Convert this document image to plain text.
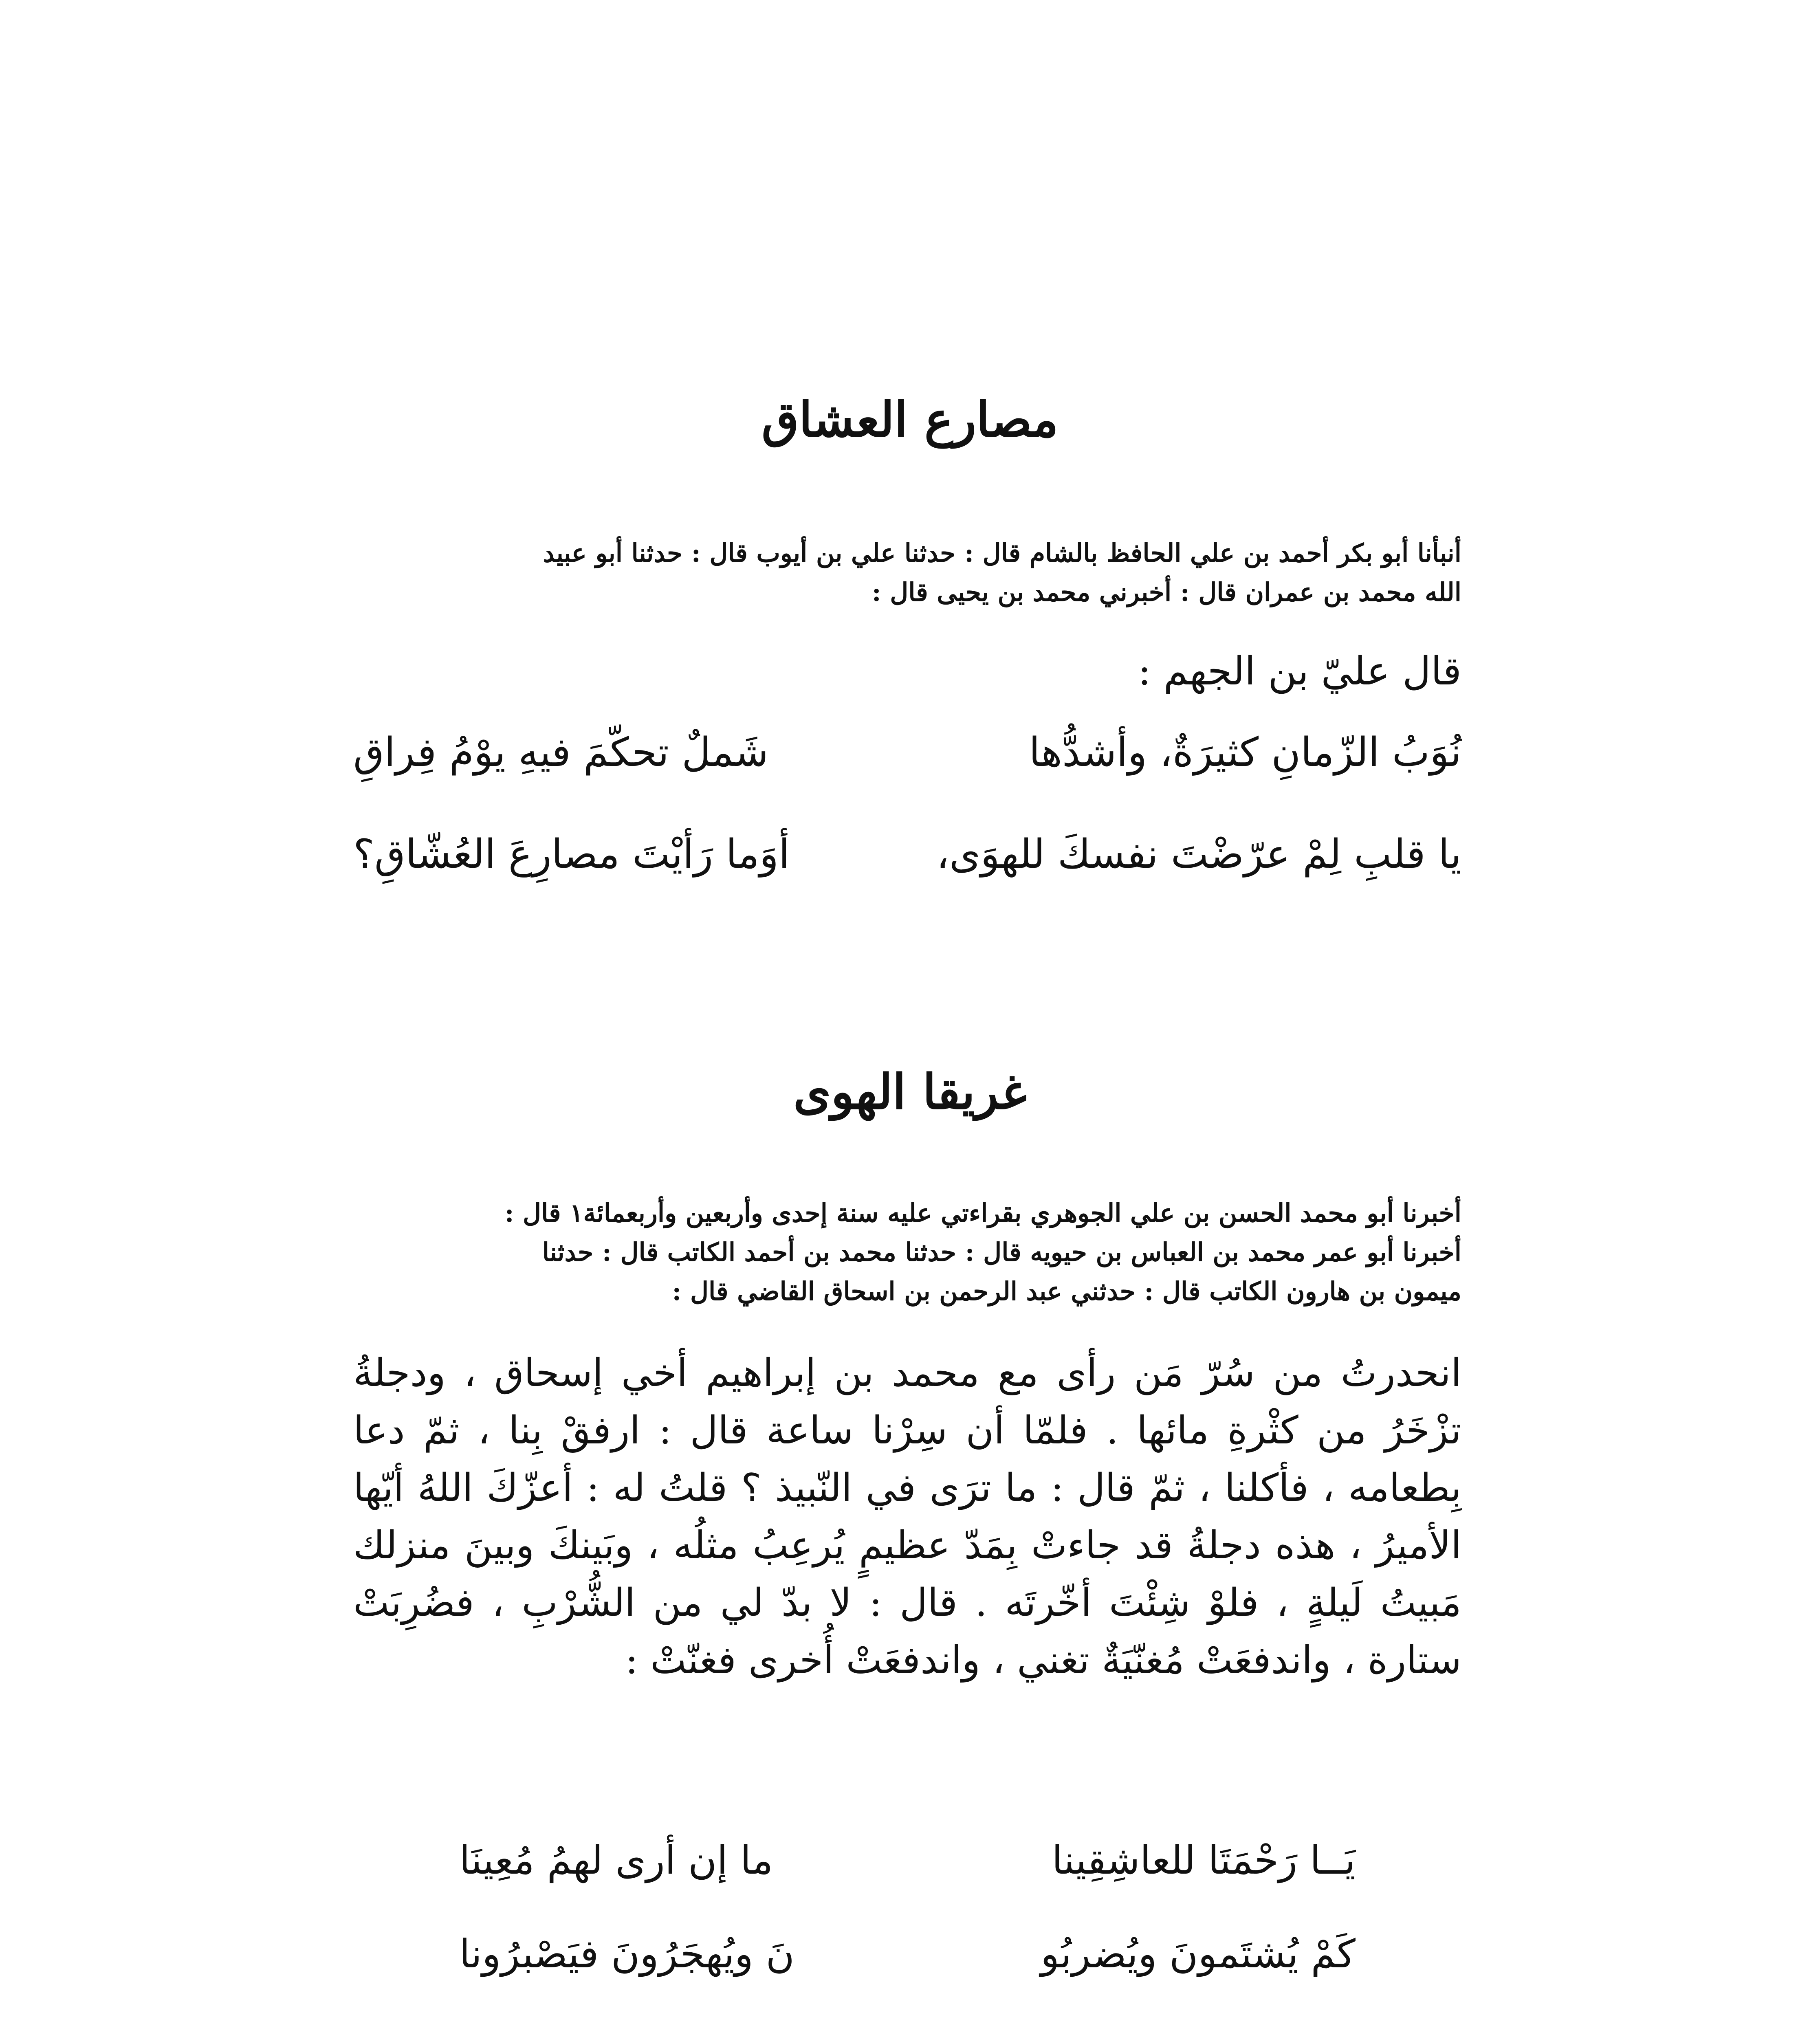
مصارع العشاق
أنبأنا أبو بكر أحمد بن علي الحافظ بالشام قال : حدثنا علي بن أيوب قال : حدثنا أبو عبيد
الله محمد بن عمران قال : أخبرني محمد بن يحيى قال :
قال عليّ بن الجهم :
نُوَبُ الزّمانِ كثيرَةٌ، وأشدُّها
شَملٌ تحكّمَ فيهِ يوْمُ فِراقِ
يا قلبِ لِمْ عرّضْتَ نفسكَ للهوَى،
أوَما رَأيْتَ مصارِعَ العُشّاقِ؟
غريقا الهوى
أخبرنا أبو محمد الحسن بن علي الجوهري بقراءتي عليه سنة إحدى وأربعين وأربعمائة١ قال :
أخبرنا أبو عمر محمد بن العباس بن حيويه قال : حدثنا محمد بن أحمد الكاتب قال : حدثنا
ميمون بن هارون الكاتب قال : حدثني عبد الرحمن بن اسحاق القاضي قال :
انحدرتُ من سُرّ مَن رأى مع محمد بن إبراهيم أخي إسحاق ، ودجلةُ تزْخَرُ من كثْرةِ مائها . فلمّا أن سِرْنا ساعة قال : ارفقْ بِنا ، ثمّ دعا بِطعامه ، فأكلنا ، ثمّ قال : ما ترَى في النّبيذ ؟ قلتُ له : أعزّكَ اللهُ أيّها الأميرُ ، هذه دجلةُ قد جاءتْ بِمَدّ عظيمٍ يُرعِبُ مثلُه ، وبَينكَ وبينَ منزلك مَبيتُ لَيلةٍ ، فلوْ شِئْتَ أخّرتَه . قال : لا بدّ لي من الشُّرْبِ ، فضُرِبَتْ ستارة ، واندفعَتْ مُغنّيَةٌ تغني ، واندفعَتْ أُخرى فغنّتْ :
يَــا رَحْمَتَا للعاشِقِينا
ما إن أرى لهمُ مُعِينَا
كَمْ يُشتَمونَ ويُضربُو
نَ ويُهجَرُونَ فيَصْبرُونا
